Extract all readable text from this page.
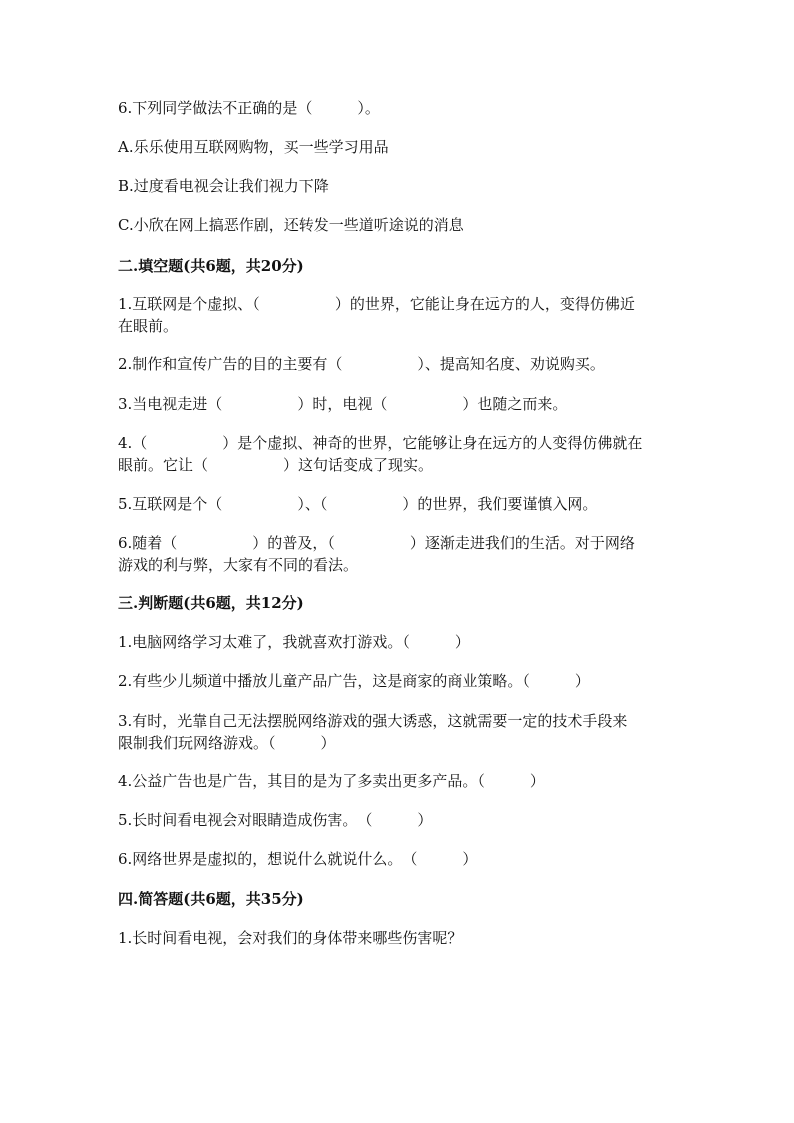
6.下列同学做法不正确的是（　　　）。
A.乐乐使用互联网购物，买一些学习用品
B.过度看电视会让我们视力下降
C.小欣在网上搞恶作剧，还转发一些道听途说的消息
二.填空题(共6题，共20分)
1.互联网是个虚拟、（　　　　　）的世界，它能让身在远方的人，变得仿佛近
在眼前。
2.制作和宣传广告的目的主要有（　　　　　）、提高知名度、劝说购买。
3.当电视走进（　　　　　）时，电视（　　　　　）也随之而来。
4.（　　　　　）是个虚拟、神奇的世界，它能够让身在远方的人变得仿佛就在
眼前。它让（　　　　　）这句话变成了现实。
5.互联网是个（　　　　　）、（　　　　　）的世界，我们要谨慎入网。
6.随着（　　　　　）的普及，（　　　　　）逐渐走进我们的生活。对于网络
游戏的利与弊，大家有不同的看法。
三.判断题(共6题，共12分)
1.电脑网络学习太难了，我就喜欢打游戏。（　　　）
2.有些少儿频道中播放儿童产品广告，这是商家的商业策略。（　　　）
3.有时，光靠自己无法摆脱网络游戏的强大诱惑，这就需要一定的技术手段来
限制我们玩网络游戏。（　　　）
4.公益广告也是广告，其目的是为了多卖出更多产品。（　　　）
5.长时间看电视会对眼睛造成伤害。　（　　　）
6.网络世界是虚拟的，想说什么就说什么。　（　　　）
四.简答题(共6题，共35分)
1.长时间看电视，会对我们的身体带来哪些伤害呢？
